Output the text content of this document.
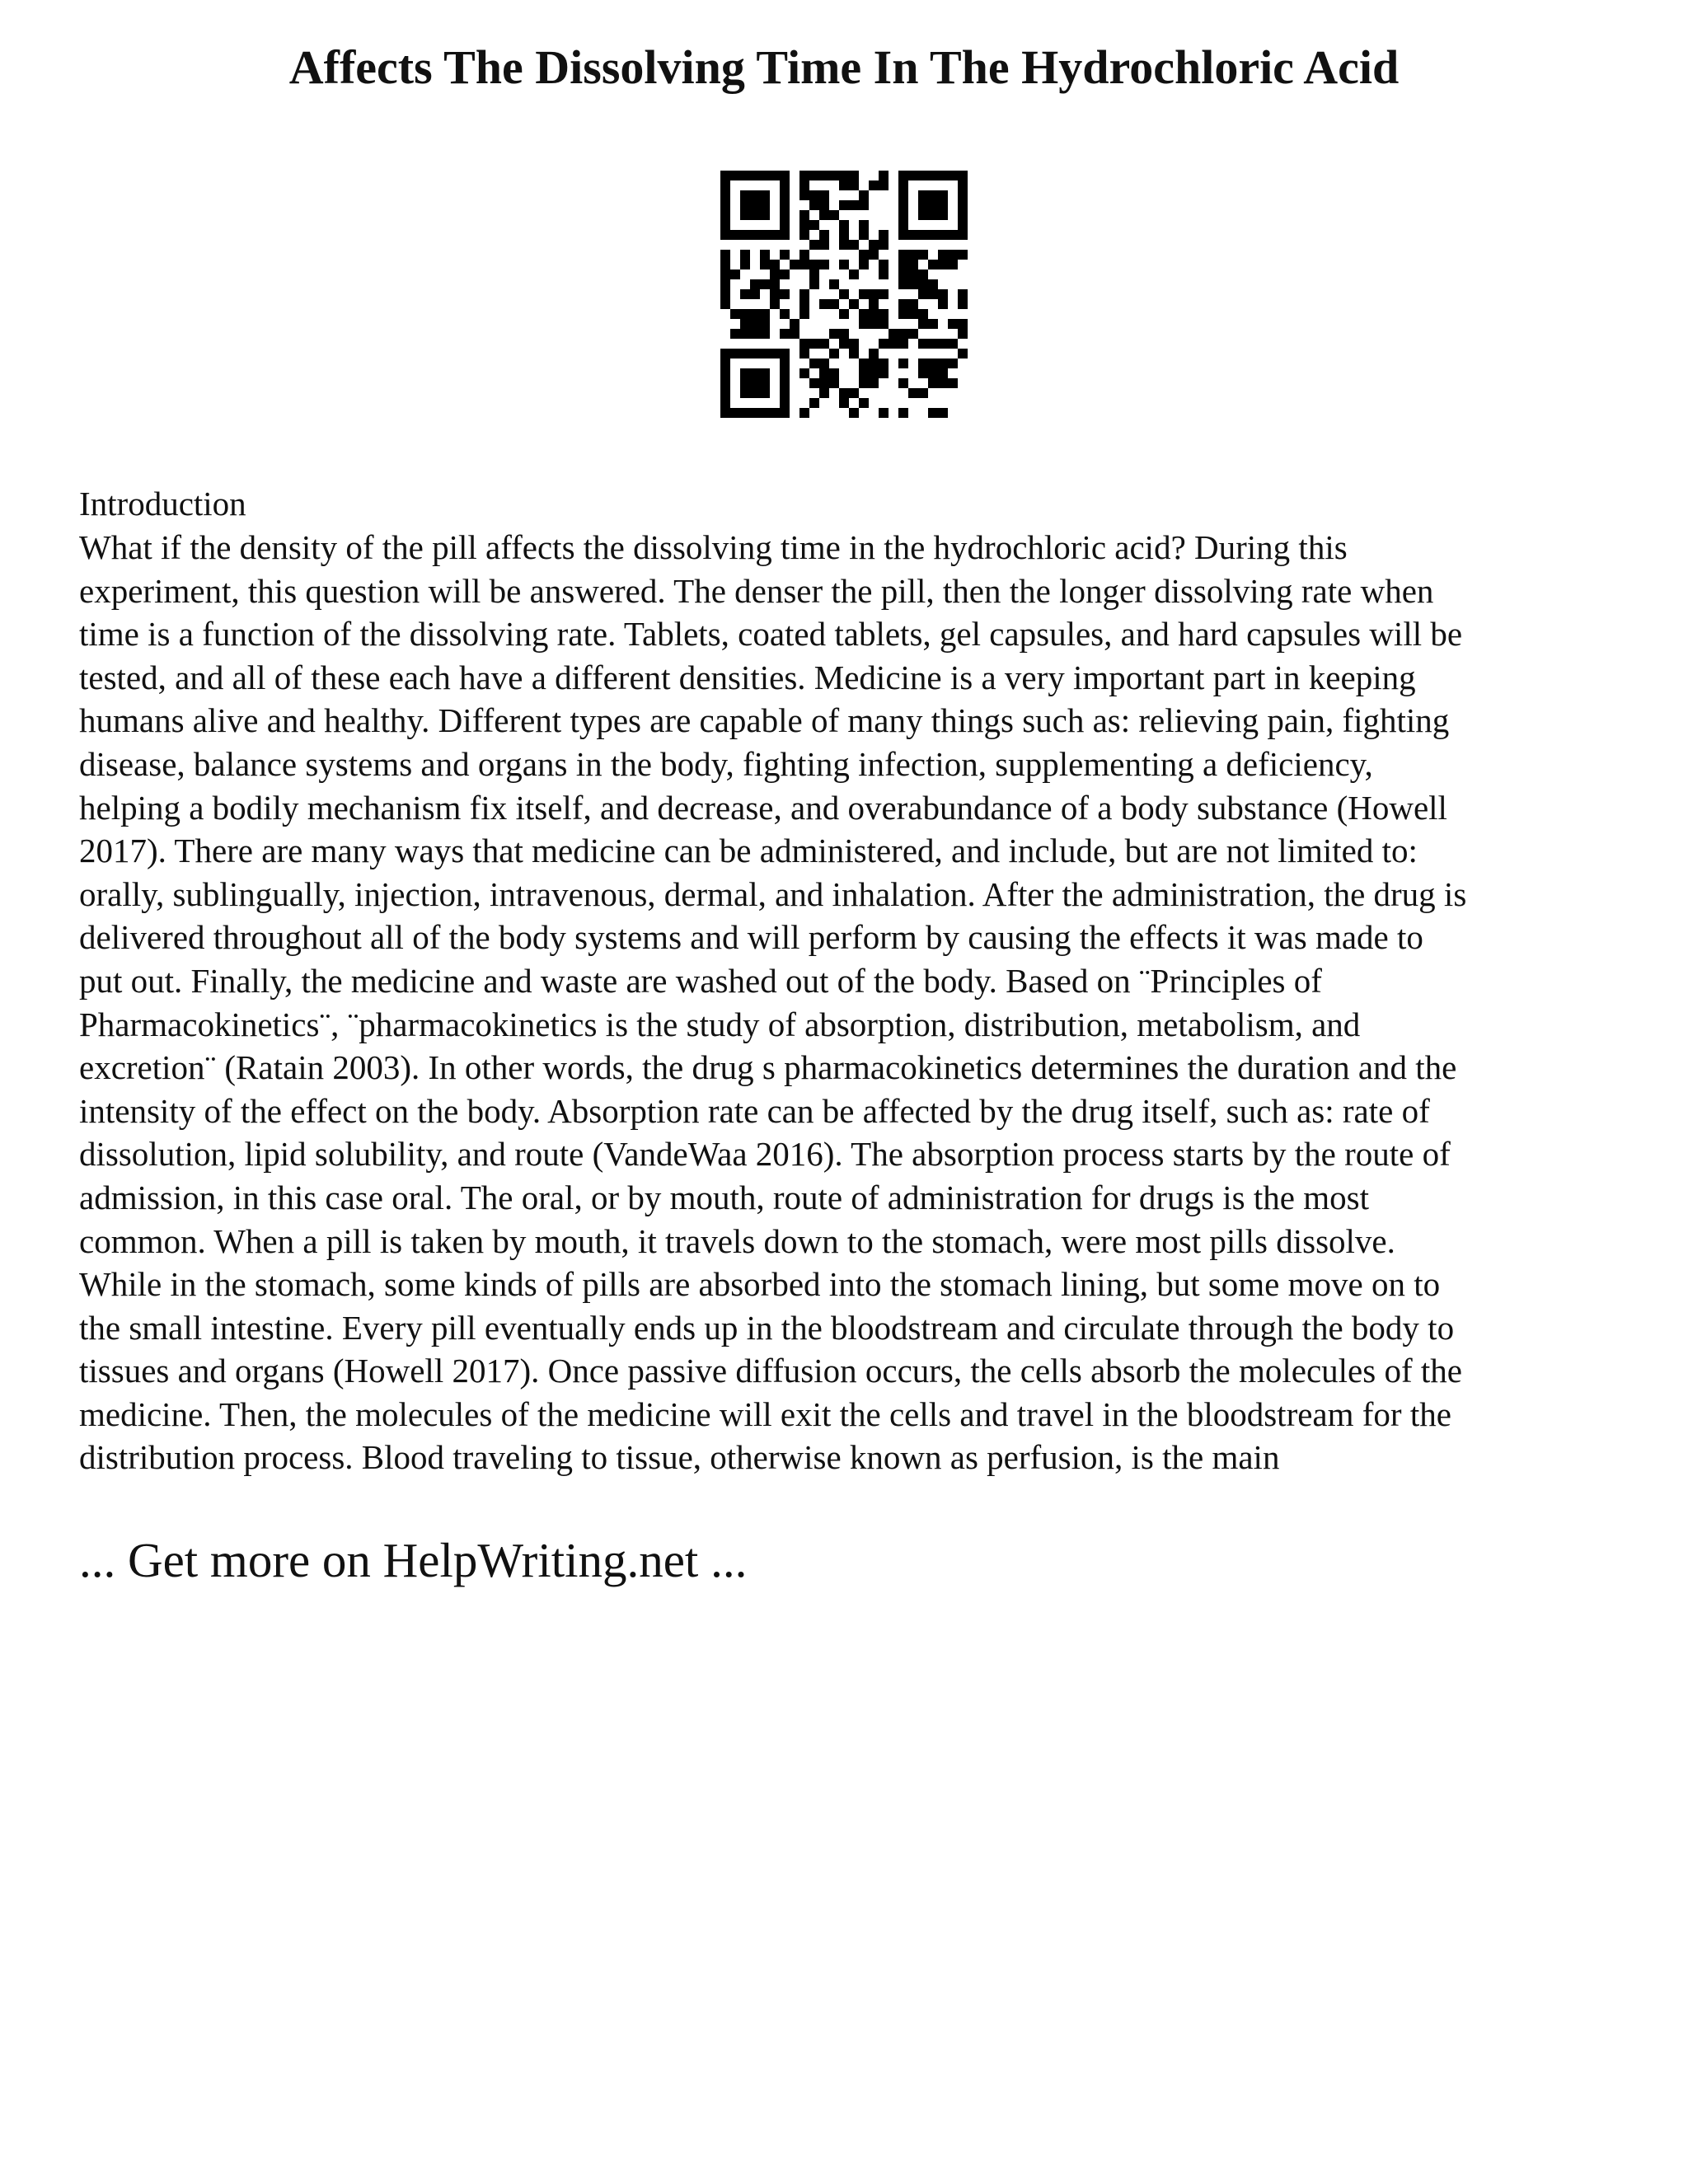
Affects The Dissolving Time In The Hydrochloric Acid

Introduction

What if the density of the pill affects the dissolving time in the hydrochloric acid? During this
experiment, this question will be answered. The denser the pill, then the longer dissolving rate when
time is a function of the dissolving rate. Tablets, coated tablets, gel capsules, and hard capsules will be
tested, and all of these each have a different densities. Medicine is a very important part in keeping
humans alive and healthy. Different types are capable of many things such as: relieving pain, fighting
disease, balance systems and organs in the body, fighting infection, supplementing a deficiency,
helping a bodily mechanism fix itself, and decrease, and overabundance of a body substance (Howell
2017). There are many ways that medicine can be administered, and include, but are not limited to:
orally, sublingually, injection, intravenous, dermal, and inhalation. After the administration, the drug is
delivered throughout all of the body systems and will perform by causing the effects it was made to
put out. Finally, the medicine and waste are washed out of the body. Based on ¨Principles of
Pharmacokinetics¨, ¨pharmacokinetics is the study of absorption, distribution, metabolism, and
excretion¨ (Ratain 2003). In other words, the drug s pharmacokinetics determines the duration and the
intensity of the effect on the body. Absorption rate can be affected by the drug itself, such as: rate of
dissolution, lipid solubility, and route (VandeWaa 2016). The absorption process starts by the route of
admission, in this case oral. The oral, or by mouth, route of administration for drugs is the most
common. When a pill is taken by mouth, it travels down to the stomach, were most pills dissolve.
While in the stomach, some kinds of pills are absorbed into the stomach lining, but some move on to
the small intestine. Every pill eventually ends up in the bloodstream and circulate through the body to
tissues and organs (Howell 2017). Once passive diffusion occurs, the cells absorb the molecules of the
medicine. Then, the molecules of the medicine will exit the cells and travel in the bloodstream for the
distribution process. Blood traveling to tissue, otherwise known as perfusion, is the main

... Get more on HelpWriting.net ...
